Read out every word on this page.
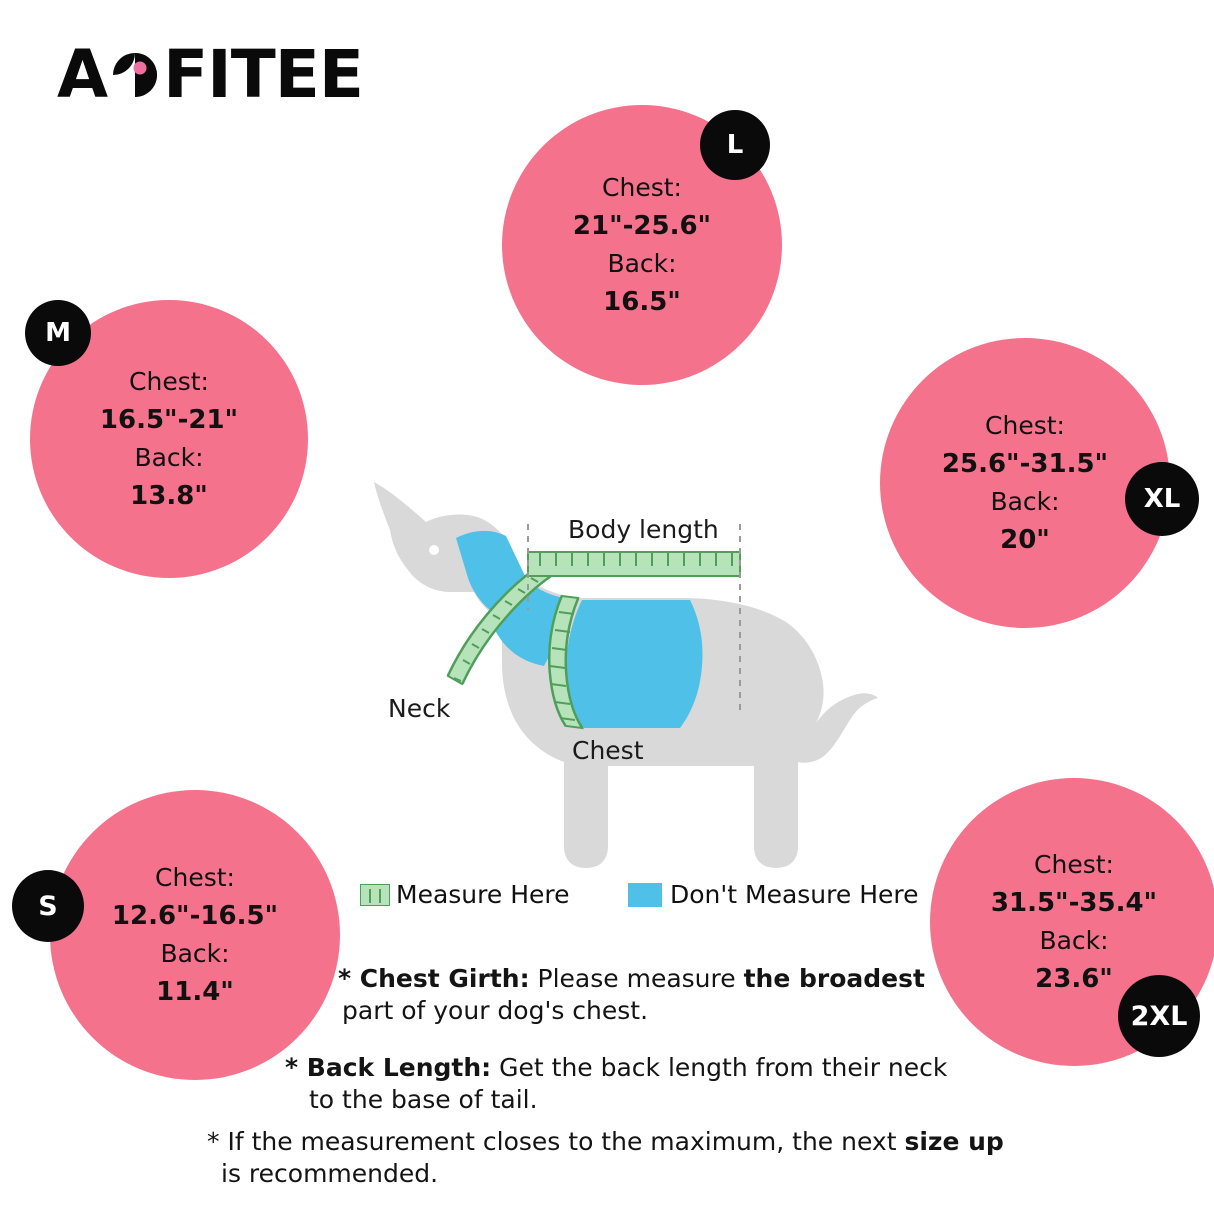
A FITEE
Chest:
21"-25.6"
Back:
16.5"
L
Chest:
16.5"-21"
Back:
13.8"
M
Chest:
25.6"-31.5"
Back:
20"
XL
Chest:
12.6"-16.5"
Back:
11.4"
S
Chest:
31.5"-35.4"
Back:
23.6"
2XL
Body length
Neck
Chest
Measure Here	Don't Measure Here
* Chest Girth: Please measure the broadest
part of your dog's chest.
* Back Length: Get the back length from their neck
to the base of tail.
* If the measurement closes to the maximum, the next size up
is recommended.
